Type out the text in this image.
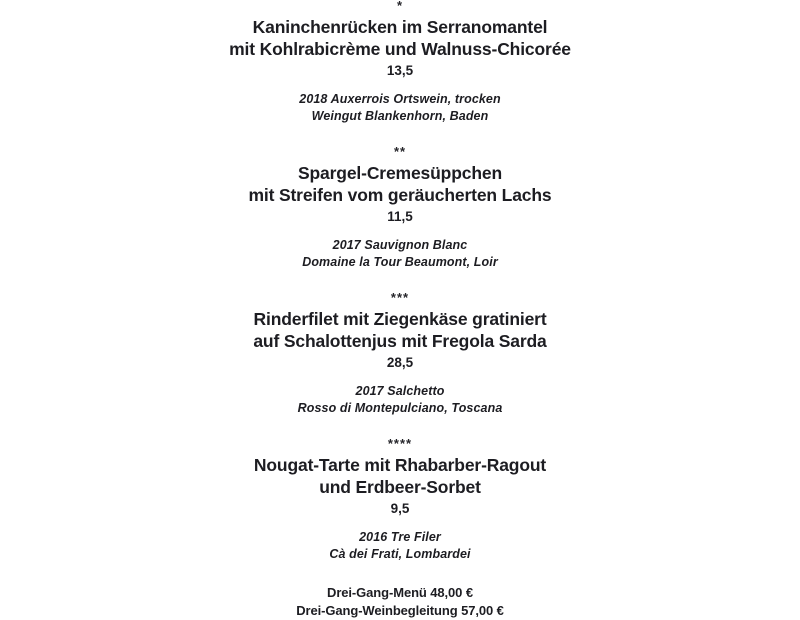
*
Kaninchenrücken im Serranomantel
mit Kohlrabicrème und Walnuss-Chicorée
13,5
2018 Auxerrois Ortswein, trocken
Weingut Blankenhorn, Baden
**
Spargel-Cremesüppchen
mit Streifen vom geräucherten Lachs
11,5
2017 Sauvignon Blanc
Domaine la Tour Beaumont, Loir
***
Rinderfilet mit Ziegenkäse gratiniert
auf Schalottenjus mit Fregola Sarda
28,5
2017 Salchetto
Rosso di Montepulciano, Toscana
****
Nougat-Tarte mit Rhabarber-Ragout
und Erdbeer-Sorbet
9,5
2016 Tre Filer
Cà dei Frati, Lombardei
Drei-Gang-Menü 48,00 €
Drei-Gang-Weinbegleitung 57,00 €
